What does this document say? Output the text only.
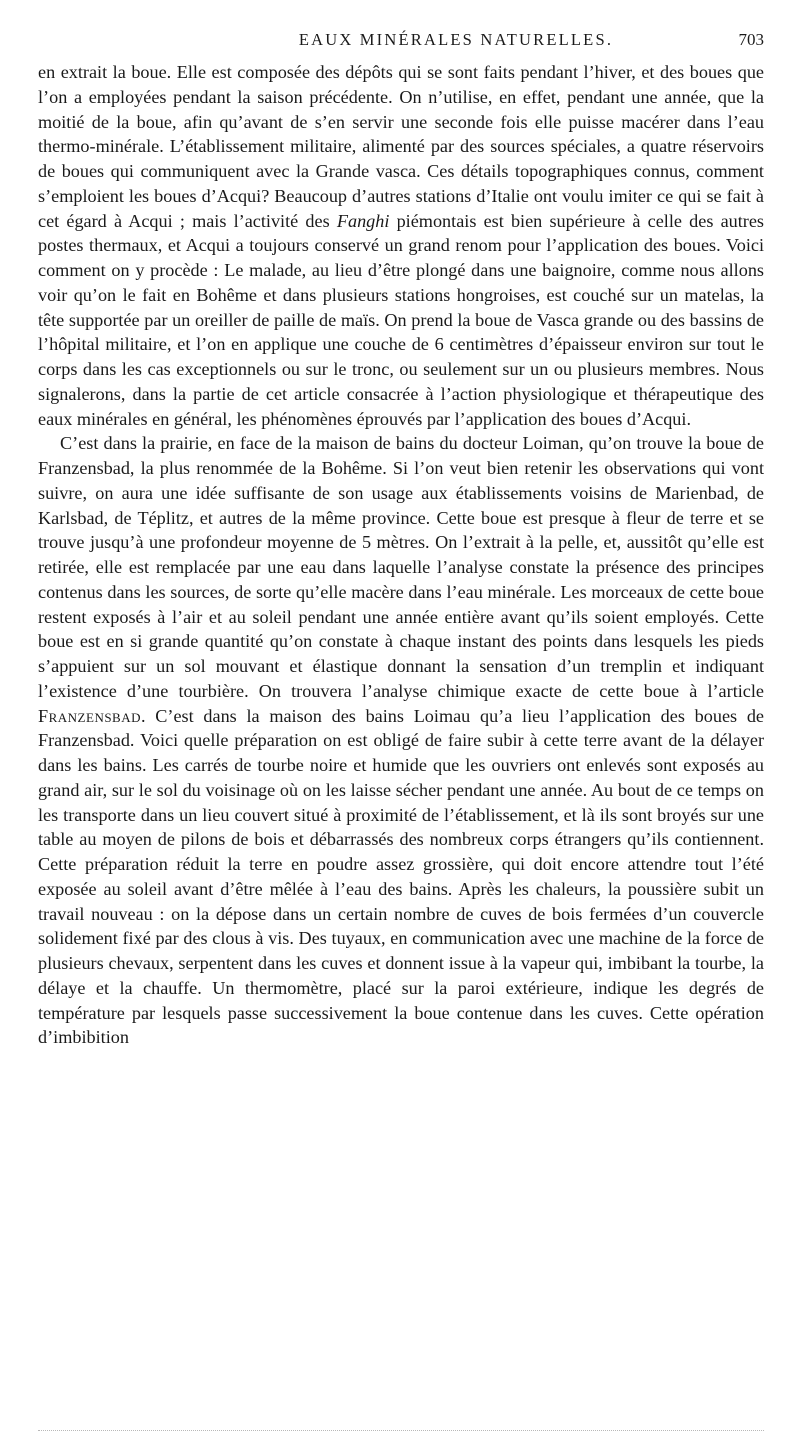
EAUX MINÉRALES NATURELLES.	703

en extrait la boue. Elle est composée des dépôts qui se sont faits pendant l’hiver, et des boues que l’on a employées pendant la saison précédente. On n’utilise, en effet, pendant une année, que la moitié de la boue, afin qu’avant de s’en servir une seconde fois elle puisse macérer dans l’eau thermo-minérale. L’établissement militaire, alimenté par des sources spéciales, a quatre réservoirs de boues qui communiquent avec la Grande vasca. Ces détails topographiques connus, comment s’emploient les boues d’Acqui? Beaucoup d’autres stations d’Italie ont voulu imiter ce qui se fait à cet égard à Acqui ; mais l’activité des Fanghi piémontais est bien supérieure à celle des autres postes thermaux, et Acqui a toujours conservé un grand renom pour l’application des boues. Voici comment on y procède : Le malade, au lieu d’être plongé dans une baignoire, comme nous allons voir qu’on le fait en Bohême et dans plusieurs stations hongroises, est couché sur un matelas, la tête supportée par un oreiller de paille de maïs. On prend la boue de Vasca grande ou des bassins de l’hôpital militaire, et l’on en applique une couche de 6 centimètres d’épaisseur environ sur tout le corps dans les cas exceptionnels ou sur le tronc, ou seulement sur un ou plusieurs membres. Nous signalerons, dans la partie de cet article consacrée à l’action physiologique et thérapeutique des eaux minérales en général, les phénomènes éprouvés par l’application des boues d’Acqui.

C’est dans la prairie, en face de la maison de bains du docteur Loiman, qu’on trouve la boue de Franzensbad, la plus renommée de la Bohême. Si l’on veut bien retenir les observations qui vont suivre, on aura une idée suffisante de son usage aux établissements voisins de Marienbad, de Karlsbad, de Téplitz, et autres de la même province. Cette boue est presque à fleur de terre et se trouve jusqu’à une profondeur moyenne de 5 mètres. On l’extrait à la pelle, et, aussitôt qu’elle est retirée, elle est remplacée par une eau dans laquelle l’analyse constate la présence des principes contenus dans les sources, de sorte qu’elle macère dans l’eau minérale. Les morceaux de cette boue restent exposés à l’air et au soleil pendant une année entière avant qu’ils soient employés. Cette boue est en si grande quantité qu’on constate à chaque instant des points dans lesquels les pieds s’appuient sur un sol mouvant et élastique donnant la sensation d’un tremplin et indiquant l’existence d’une tourbière. On trouvera l’analyse chimique exacte de cette boue à l’article Franzensbad. C’est dans la maison des bains Loimau qu’a lieu l’application des boues de Franzensbad. Voici quelle préparation on est obligé de faire subir à cette terre avant de la délayer dans les bains. Les carrés de tourbe noire et humide que les ouvriers ont enlevés sont exposés au grand air, sur le sol du voisinage où on les laisse sécher pendant une année. Au bout de ce temps on les transporte dans un lieu couvert situé à proximité de l’établissement, et là ils sont broyés sur une table au moyen de pilons de bois et débarrassés des nombreux corps étrangers qu’ils contiennent. Cette préparation réduit la terre en poudre assez grossière, qui doit encore attendre tout l’été exposée au soleil avant d’être mêlée à l’eau des bains. Après les chaleurs, la poussière subit un travail nouveau : on la dépose dans un certain nombre de cuves de bois fermées d’un couvercle solidement fixé par des clous à vis. Des tuyaux, en communication avec une machine de la force de plusieurs chevaux, serpentent dans les cuves et donnent issue à la vapeur qui, imbibant la tourbe, la délaye et la chauffe. Un thermomètre, placé sur la paroi extérieure, indique les degrés de température par lesquels passe successivement la boue contenue dans les cuves. Cette opération d’imbibition
